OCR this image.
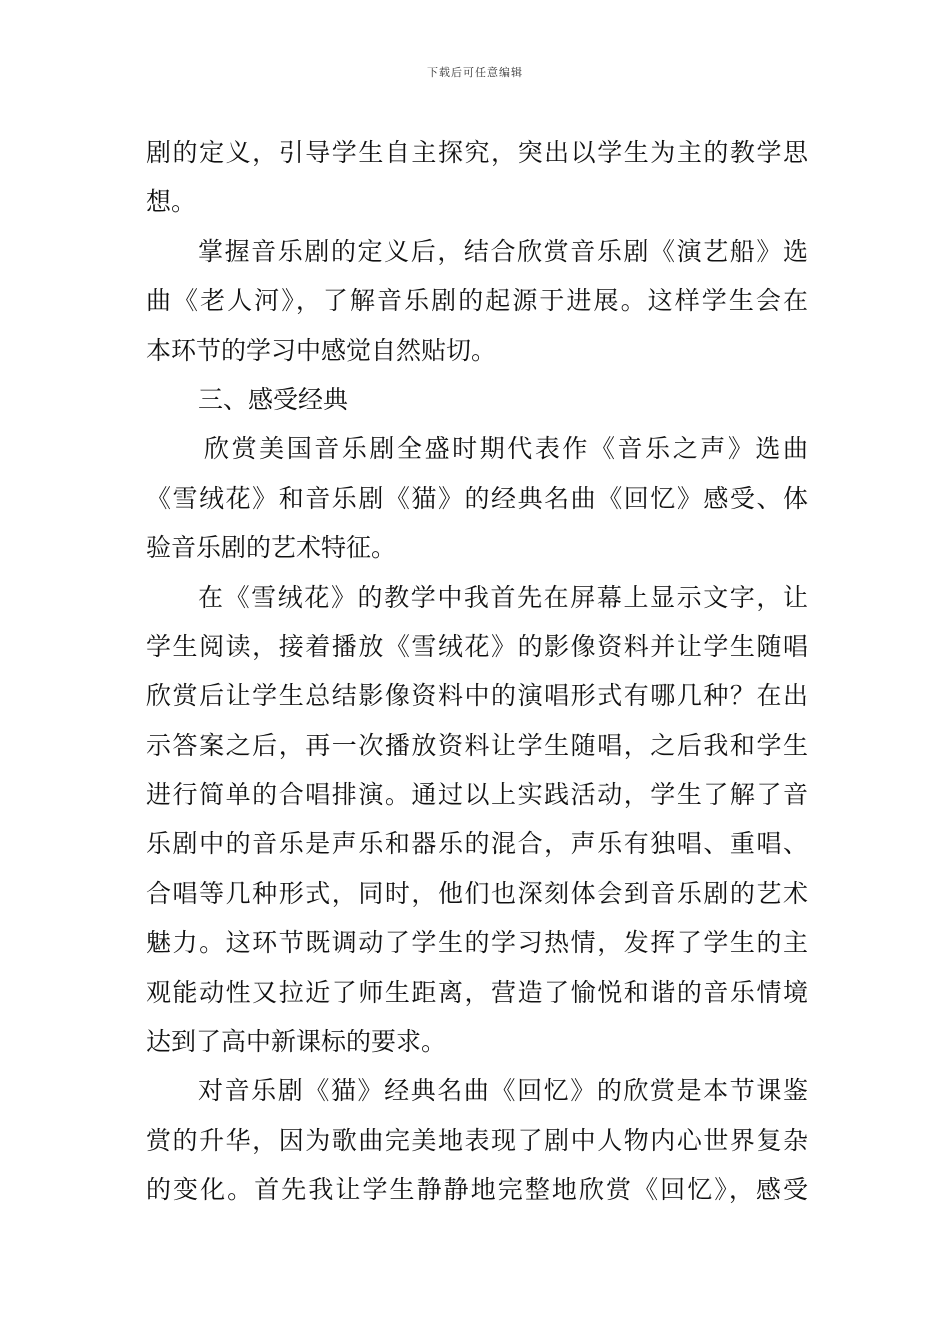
下载后可任意编辑
剧的定义，引导学生自主探究，突出以学生为主的教学思
想。
掌握音乐剧的定义后，结合欣赏音乐剧《演艺船》选
曲《老人河》，了解音乐剧的起源于进展。这样学生会在
本环节的学习中感觉自然贴切。
三、感受经典
欣赏美国音乐剧全盛时期代表作《音乐之声》选曲
《雪绒花》和音乐剧《猫》的经典名曲《回忆》感受、体
验音乐剧的艺术特征。
在《雪绒花》的教学中我首先在屏幕上显示文字，让
学生阅读，接着播放《雪绒花》的影像资料并让学生随唱
欣赏后让学生总结影像资料中的演唱形式有哪几种？在出
示答案之后，再一次播放资料让学生随唱，之后我和学生
进行简单的合唱排演。通过以上实践活动，学生了解了音
乐剧中的音乐是声乐和器乐的混合，声乐有独唱、重唱、
合唱等几种形式，同时，他们也深刻体会到音乐剧的艺术
魅力。这环节既调动了学生的学习热情，发挥了学生的主
观能动性又拉近了师生距离，营造了愉悦和谐的音乐情境
达到了高中新课标的要求。
对音乐剧《猫》经典名曲《回忆》的欣赏是本节课鉴
赏的升华，因为歌曲完美地表现了剧中人物内心世界复杂
的变化。首先我让学生静静地完整地欣赏《回忆》，感受
